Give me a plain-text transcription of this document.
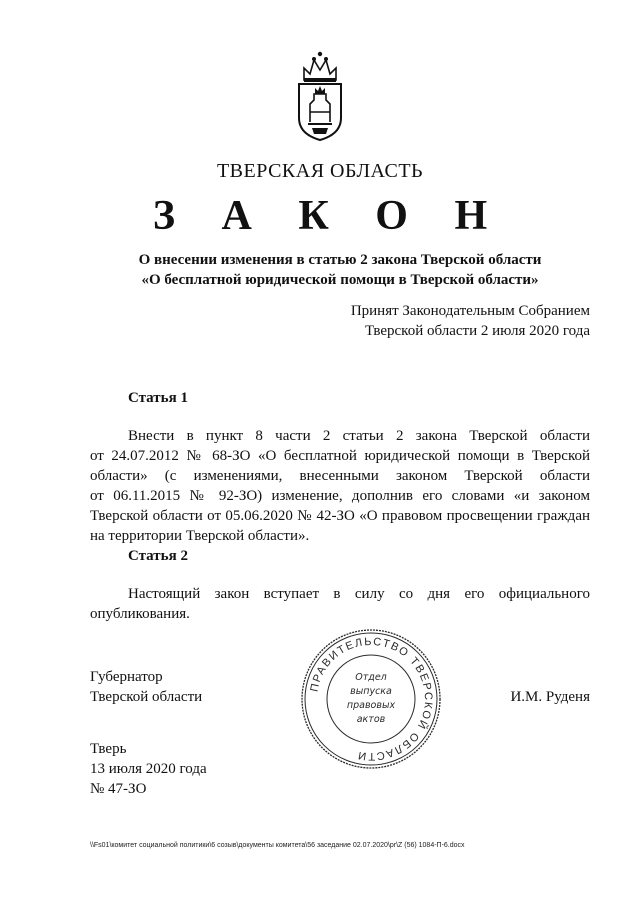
ТВЕРСКАЯ ОБЛАСТЬ
З А К О Н
О внесении изменения в статью 2 закона Тверской области
«О бесплатной юридической помощи в Тверской области»
Принят Законодательным Собранием
Тверской области 2 июля 2020 года
Статья 1
Внести в пункт 8 части 2 статьи 2 закона Тверской области
от 24.07.2012 № 68-ЗО «О бесплатной юридической помощи в Тверской
области» (с изменениями, внесенными законом Тверской области
от 06.11.2015 № 92-ЗО) изменение, дополнив его словами «и законом
Тверской области от 05.06.2020 № 42-ЗО «О правовом просвещении граждан
на территории Тверской области».
Статья 2
Настоящий закон вступает в силу со дня его официального
опубликования.
Губернатор
Тверской области	И.М. Руденя
ПРАВИТЕЛЬСТВО ТВЕРСКОЙ ОБЛАСТИ
Отдел
выпуска
правовых
актов
Тверь
13 июля 2020 года
№ 47-ЗО
\\Fs01\комитет социальной политики\6 созыв\документы комитета\56 заседание 02.07.2020\pr\Z (56) 1084-П-6.docx
